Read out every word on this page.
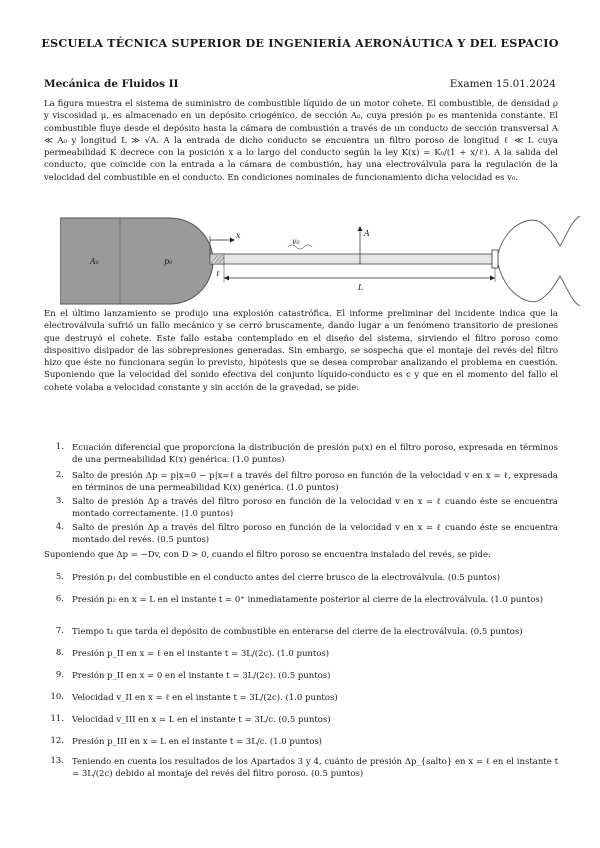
ESCUELA TÉCNICA SUPERIOR DE INGENIERÍA AERONÁUTICA Y DEL ESPACIO
Mecánica de Fluidos II	Examen 15.01.2024
La figura muestra el sistema de suministro de combustible líquido de un motor cohete. El combustible, de densidad ρ y viscosidad μ, es almacenado en un depósito criogénico, de sección A₀, cuya presión p₀ es mantenida constante. El combustible fluye desde el depósito hasta la cámara de combustión a través de un conducto de sección transversal A ≪ A₀ y longitud L ≫ √A. A la entrada de dicho conducto se encuentra un filtro poroso de longitud ℓ ≪ L cuya permeabilidad K decrece con la posición x a lo largo del conducto según la ley K(x) = K₀/(1 + x/ℓ). A la salida del conducto, que coincide con la entrada a la cámara de combustión, hay una electroválvula para la regulación de la velocidad del combustible en el conducto. En condiciones nominales de funcionamiento dicha velocidad es v₀.
A₀	p₀
x
ℓ
A
L
v₀
En el último lanzamiento se produjo una explosión catastrófica. El informe preliminar del incidente indica que la electroválvula sufrió un fallo mecánico y se cerró bruscamente, dando lugar a un fenómeno transitorio de presiones que destruyó el cohete. Este fallo estaba contemplado en el diseño del sistema, sirviendo el filtro poroso como dispositivo disipador de las sobrepresiones generadas. Sin embargo, se sospecha que el montaje del revés del filtro hizo que éste no funcionara según lo previsto, hipótesis que se desea comprobar analizando el problema en cuestión. Suponiendo que la velocidad del sonido efectiva del conjunto líquido-conducto es c y que en el momento del fallo el cohete volaba a velocidad constante y sin acción de la gravedad, se pide:
1. Ecuación diferencial que proporciona la distribución de presión p₀(x) en el filtro poroso, expresada en términos de una permeabilidad K(x) genérica. (1.0 puntos)
2. Salto de presión Δp = p|x=0 − p|x=ℓ a través del filtro poroso en función de la velocidad v en x = ℓ, expresada en términos de una permeabilidad K(x) genérica. (1.0 puntos)
3. Salto de presión Δp a través del filtro poroso en función de la velocidad v en x = ℓ cuando éste se encuentra montado correctamente. (1.0 puntos)
4. Salto de presión Δp a través del filtro poroso en función de la velocidad v en x = ℓ cuando éste se encuentra montado del revés. (0.5 puntos)
Suponiendo que Δp = −Dv, con D > 0, cuando el filtro poroso se encuentra instalado del revés, se pide:
5. Presión p₁ del combustible en el conducto antes del cierre brusco de la electroválvula. (0.5 puntos)
6. Presión p₂ en x = L en el instante t = 0⁺ inmediatamente posterior al cierre de la electroválvula. (1.0 puntos)
7. Tiempo t₁ que tarda el depósito de combustible en enterarse del cierre de la electroválvula. (0.5 puntos)
8. Presión p_II en x = ℓ en el instante t = 3L/(2c). (1.0 puntos)
9. Presión p_II en x = 0 en el instante t = 3L/(2c). (0.5 puntos)
10. Velocidad v_II en x = ℓ en el instante t = 3L/(2c). (1.0 puntos)
11. Velocidad v_III en x = L en el instante t = 3L/c. (0.5 puntos)
12. Presión p_III en x = L en el instante t = 3L/c. (1.0 puntos)
13. Teniendo en cuenta los resultados de los Apartados 3 y 4, cuánto de presión Δp_{salto} en x = ℓ en el instante t = 3L/(2c) debido al montaje del revés del filtro poroso. (0.5 puntos)
